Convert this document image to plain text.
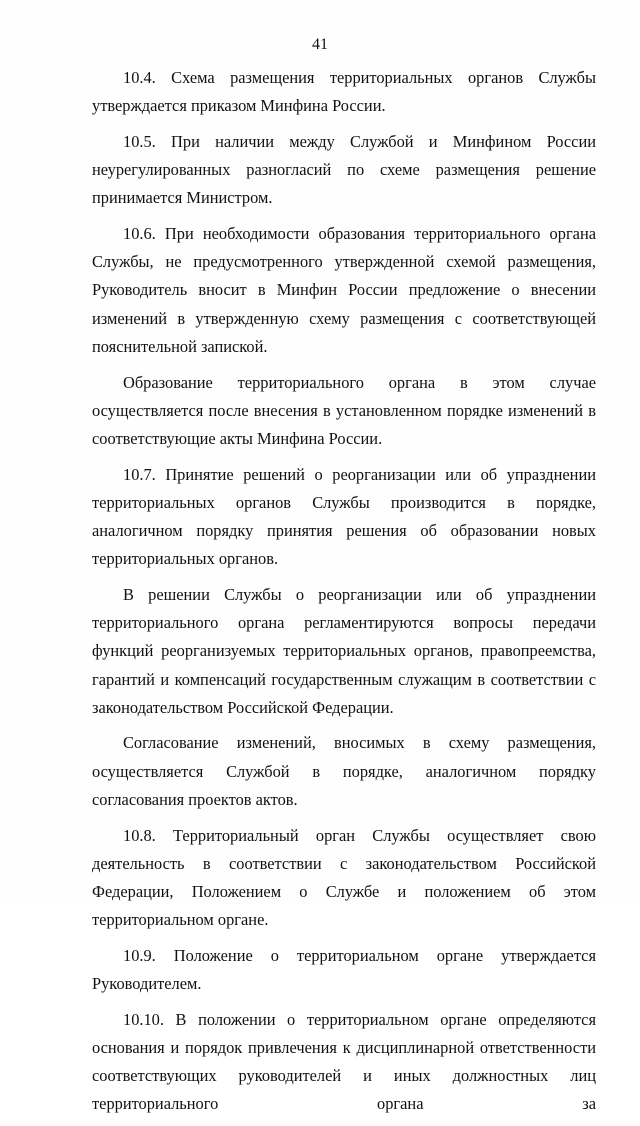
41

10.4. Схема размещения территориальных органов Службы утверждается приказом Минфина России.

10.5. При наличии между Службой и Минфином России неурегулированных разногласий по схеме размещения решение принимается Министром.

10.6. При необходимости образования территориального органа Службы, не предусмотренного утвержденной схемой размещения, Руководитель вносит в Минфин России предложение о внесении изменений в утвержденную схему размещения с соответствующей пояснительной запиской.

Образование территориального органа в этом случае осуществляется после внесения в установленном порядке изменений в соответствующие акты Минфина России.

10.7. Принятие решений о реорганизации или об упразднении территориальных органов Службы производится в порядке, аналогичном порядку принятия решения об образовании новых территориальных органов.

В решении Службы о реорганизации или об упразднении территориального органа регламентируются вопросы передачи функций реорганизуемых территориальных органов, правопреемства, гарантий и компенсаций государственным служащим в соответствии с законодательством Российской Федерации.

Согласование изменений, вносимых в схему размещения, осуществляется Службой в порядке, аналогичном порядку согласования проектов актов.

10.8. Территориальный орган Службы осуществляет свою деятельность в соответствии с законодательством Российской Федерации, Положением о Службе и положением об этом территориальном органе.

10.9. Положение о территориальном органе утверждается Руководителем.

10.10. В положении о территориальном органе определяются основания и порядок привлечения к дисциплинарной ответственности соответствующих руководителей и иных должностных лиц территориального органа за
